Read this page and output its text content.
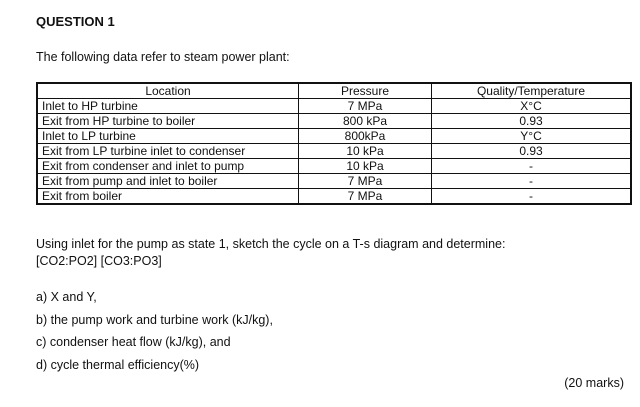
QUESTION 1
The following data refer to steam power plant:
Location	Pressure	Quality/Temperature
Inlet to HP turbine	7 MPa	X°C
Exit from HP turbine to boiler	800 kPa	0.93
Inlet to LP turbine	800kPa	Y°C
Exit from LP turbine inlet to condenser	10 kPa	0.93
Exit from condenser and inlet to pump	10 kPa	-
Exit from pump and inlet to boiler	7 MPa	-
Exit from boiler	7 MPa	-
Using inlet for the pump as state 1, sketch the cycle on a T-s diagram and determine:
[CO2:PO2] [CO3:PO3]
a) X and Y,
b) the pump work and turbine work (kJ/kg),
c) condenser heat flow (kJ/kg), and
d) cycle thermal efficiency(%)
(20 marks)
